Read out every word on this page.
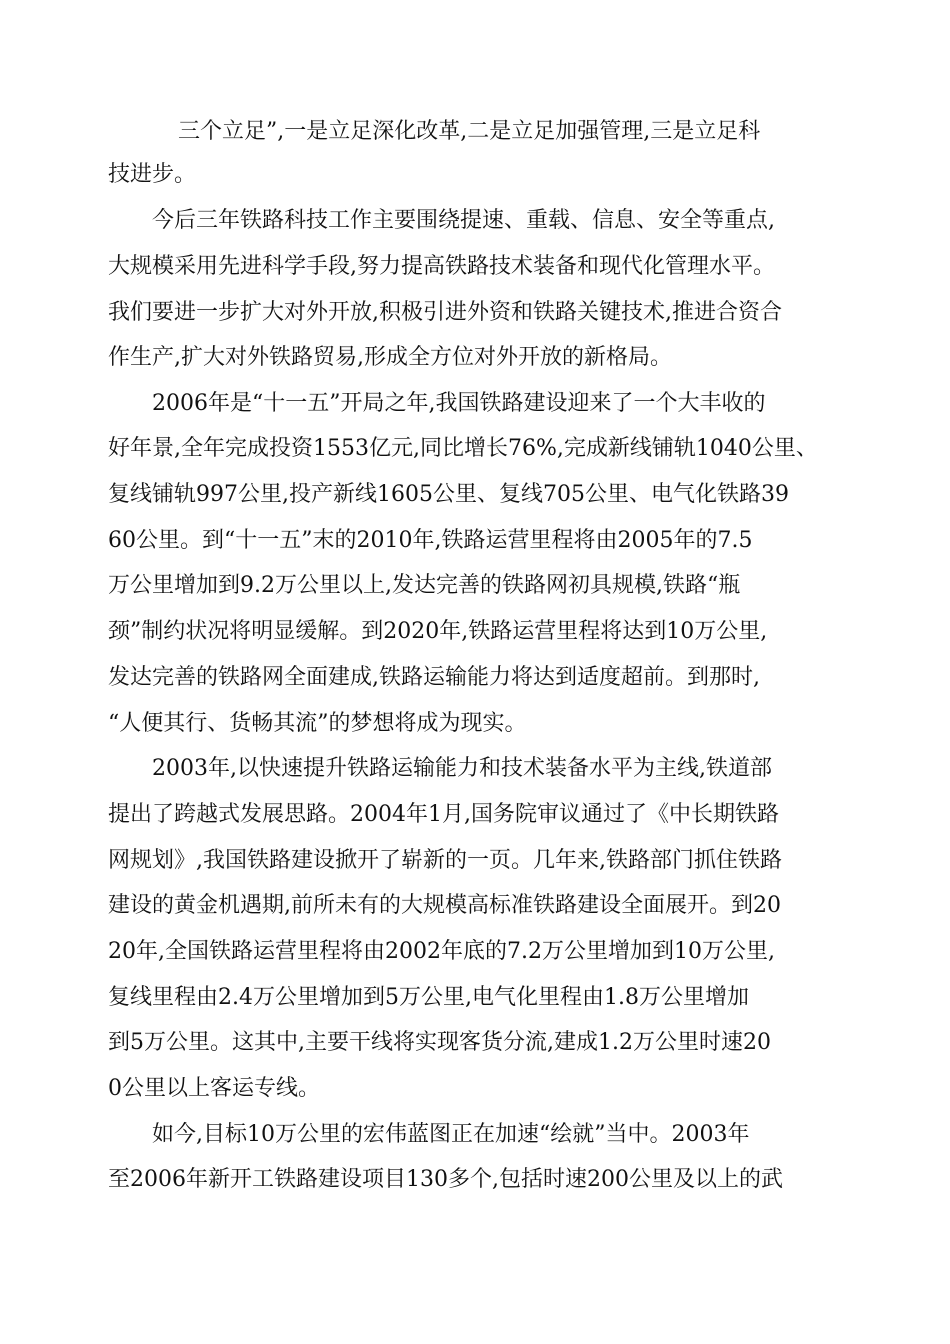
三个立足”,一是立足深化改革,二是立足加强管理,三是立足科
技进步。
今后三年铁路科技工作主要围绕提速、重载、信息、安全等重点,
大规模采用先进科学手段,努力提高铁路技术装备和现代化管理水平。
我们要进一步扩大对外开放,积极引进外资和铁路关键技术,推进合资合
作生产,扩大对外铁路贸易,形成全方位对外开放的新格局。
2006年是“十一五”开局之年,我国铁路建设迎来了一个大丰收的
好年景,全年完成投资1553亿元,同比增长76%,完成新线铺轨1040公里、
复线铺轨997公里,投产新线1605公里、复线705公里、电气化铁路39
60公里。到“十一五”末的2010年,铁路运营里程将由2005年的7.5
万公里增加到9.2万公里以上,发达完善的铁路网初具规模,铁路“瓶
颈”制约状况将明显缓解。到2020年,铁路运营里程将达到10万公里,
发达完善的铁路网全面建成,铁路运输能力将达到适度超前。到那时,
“人便其行、货畅其流”的梦想将成为现实。
2003年,以快速提升铁路运输能力和技术装备水平为主线,铁道部
提出了跨越式发展思路。2004年1月,国务院审议通过了《中长期铁路
网规划》,我国铁路建设掀开了崭新的一页。几年来,铁路部门抓住铁路
建设的黄金机遇期,前所未有的大规模高标准铁路建设全面展开。到20
20年,全国铁路运营里程将由2002年底的7.2万公里增加到10万公里,
复线里程由2.4万公里增加到5万公里,电气化里程由1.8万公里增加
到5万公里。这其中,主要干线将实现客货分流,建成1.2万公里时速20
0公里以上客运专线。
如今,目标10万公里的宏伟蓝图正在加速“绘就”当中。2003年
至2006年新开工铁路建设项目130多个,包括时速200公里及以上的武
